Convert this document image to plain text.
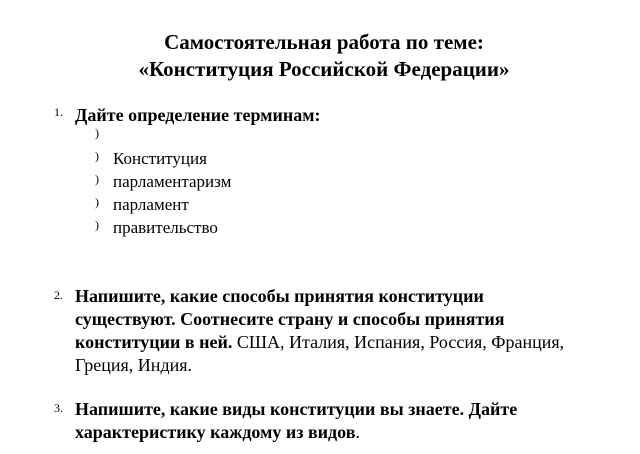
Самостоятельная работа по теме:
«Конституция Российской Федерации»
1. Дайте определение терминам:
)
) Конституция
) парламентаризм
) парламент
) правительство
2. Напишите, какие способы принятия конституции существуют. Соотнесите страну и способы принятия конституции в ней. США, Италия, Испания, Россия, Франция, Греция, Индия.
3. Напишите, какие виды конституции вы знаете. Дайте характеристику каждому из видов.
